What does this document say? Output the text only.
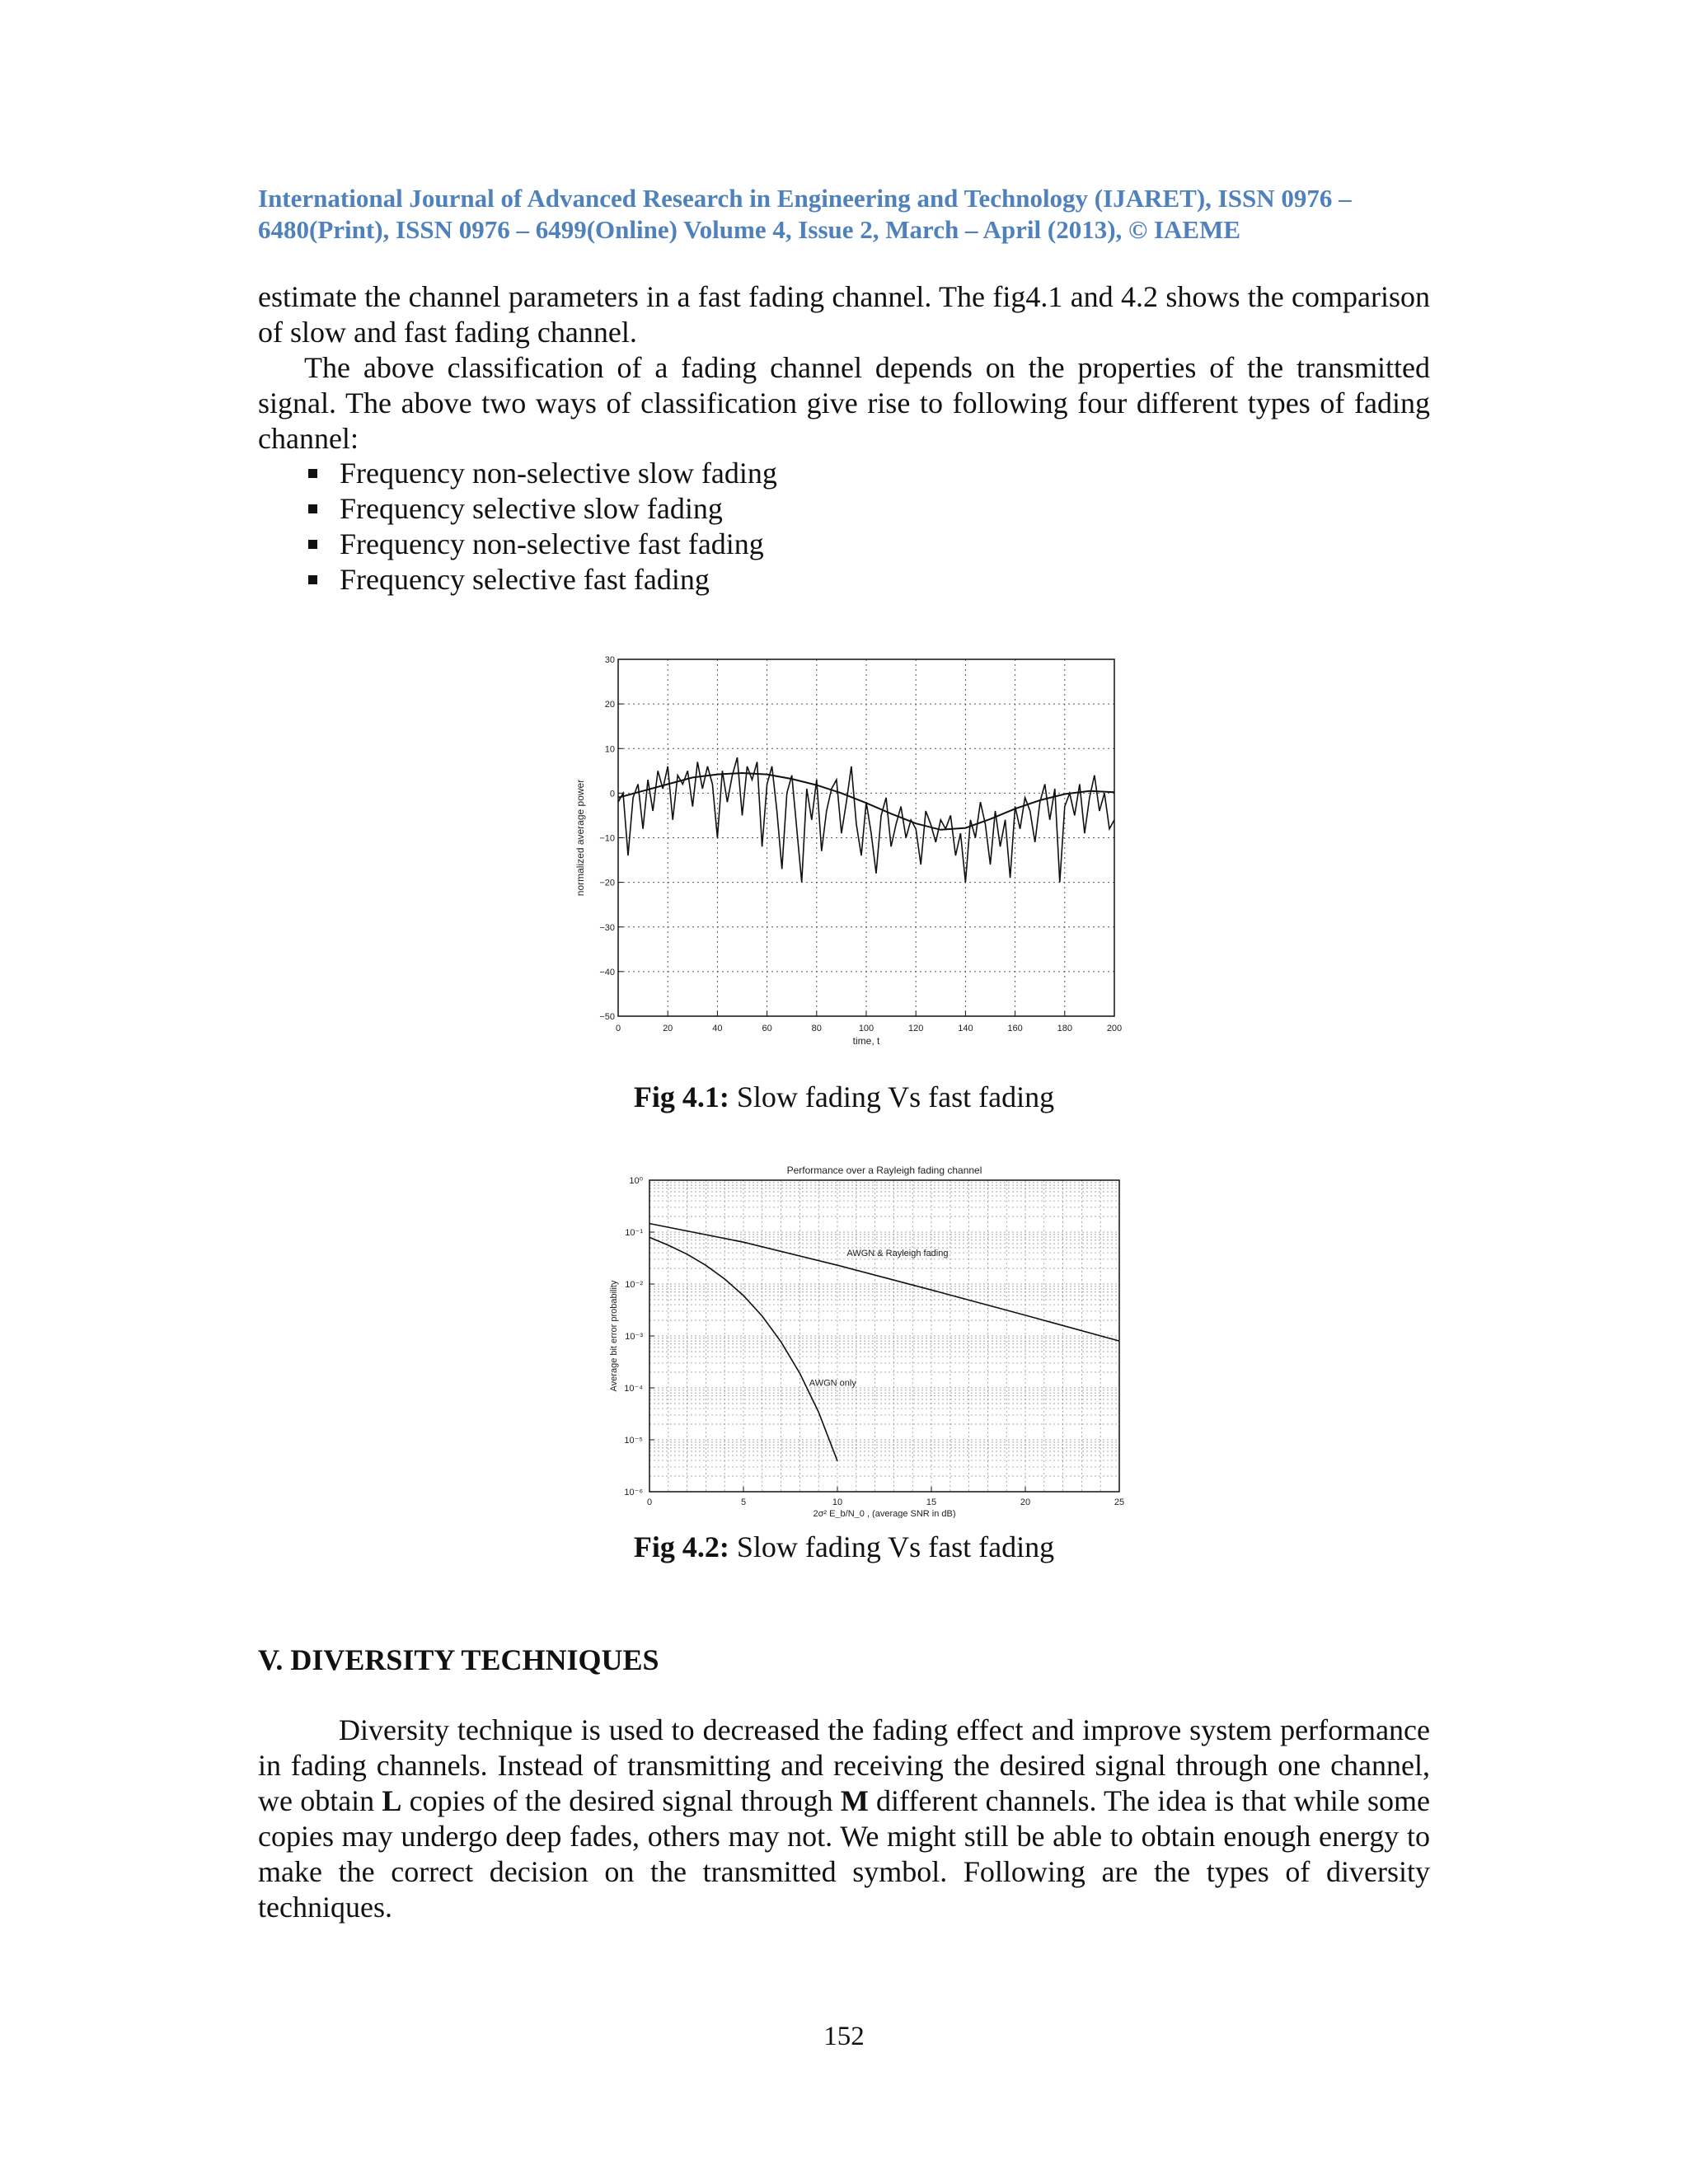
International Journal of Advanced Research in Engineering and Technology (IJARET), ISSN 0976 –
6480(Print), ISSN 0976 – 6499(Online) Volume 4, Issue 2, March – April (2013), © IAEME
estimate the channel parameters in a fast fading channel. The fig4.1 and 4.2 shows the comparison of slow and fast fading channel.
The above classification of a fading channel depends on the properties of the transmitted signal. The above two ways of classification give rise to following four different types of fading channel:
Frequency non-selective slow fading
Frequency selective slow fading
Frequency non-selective fast fading
Frequency selective fast fading
0	20	40	60	80	100	120	140	160	180	200
30
20
10
0
−10
−20
−30
−40
−50
time, t
normalized average power
Fig 4.1: Slow fading Vs fast fading
0	5	10	15	20	25
10⁰
10⁻¹
10⁻²
10⁻³
10⁻⁴
10⁻⁵
10⁻⁶
Performance over a Rayleigh fading channel
2σ² E_b/N_0 , (average SNR in dB)
Average bit error probability
AWGN & Rayleigh fading
AWGN only
Fig 4.2: Slow fading Vs fast fading
V. DIVERSITY TECHNIQUES
Diversity technique is used to decreased the fading effect and improve system performance in fading channels. Instead of transmitting and receiving the desired signal through one channel, we obtain L copies of the desired signal through M different channels. The idea is that while some copies may undergo deep fades, others may not. We might still be able to obtain enough energy to make the correct decision on the transmitted symbol. Following are the types of diversity techniques.
152
